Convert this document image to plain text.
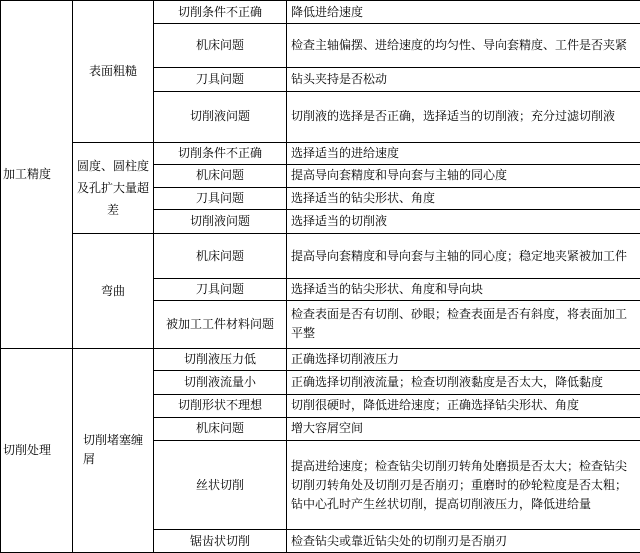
加工精度	表面粗糙	切削条件不正确	降低进给速度
		机床问题	检查主轴偏摆、进给速度的均匀性、导向套精度、工件是否夹紧
		刀具问题	钻头夹持是否松动
		切削液问题	切削液的选择是否正确，选择适当的切削液；充分过滤切削液
	圆度、圆柱度及孔扩大量超差	切削条件不正确	选择适当的进给速度
		机床问题	提高导向套精度和导向套与主轴的同心度
		刀具问题	选择适当的钻尖形状、角度
		切削液问题	选择适当的切削液
	弯曲	机床问题	提高导向套精度和导向套与主轴的同心度；稳定地夹紧被加工件
		刀具问题	选择适当的钻尖形状、角度和导向块
		被加工工件材料问题	检查表面是否有切削、砂眼；检查表面是否有斜度，将表面加工平整
切削处理	切削堵塞缠屑	切削液压力低	正确选择切削液压力
		切削液流量小	正确选择切削液流量；检查切削液黏度是否太大，降低黏度
		切削形状不理想	切削很硬时，降低进给速度；正确选择钻尖形状、角度
		机床问题	增大容屑空间
		丝状切削	提高进给速度；检查钻尖切削刃转角处磨损是否太大；检查钻尖切削刃转角处及切削刃是否崩刃；重磨时的砂轮粒度是否太粗；钻中心孔时产生丝状切削，提高切削液压力，降低进给量
		锯齿状切削	检查钻尖或靠近钻尖处的切削刃是否崩刃
